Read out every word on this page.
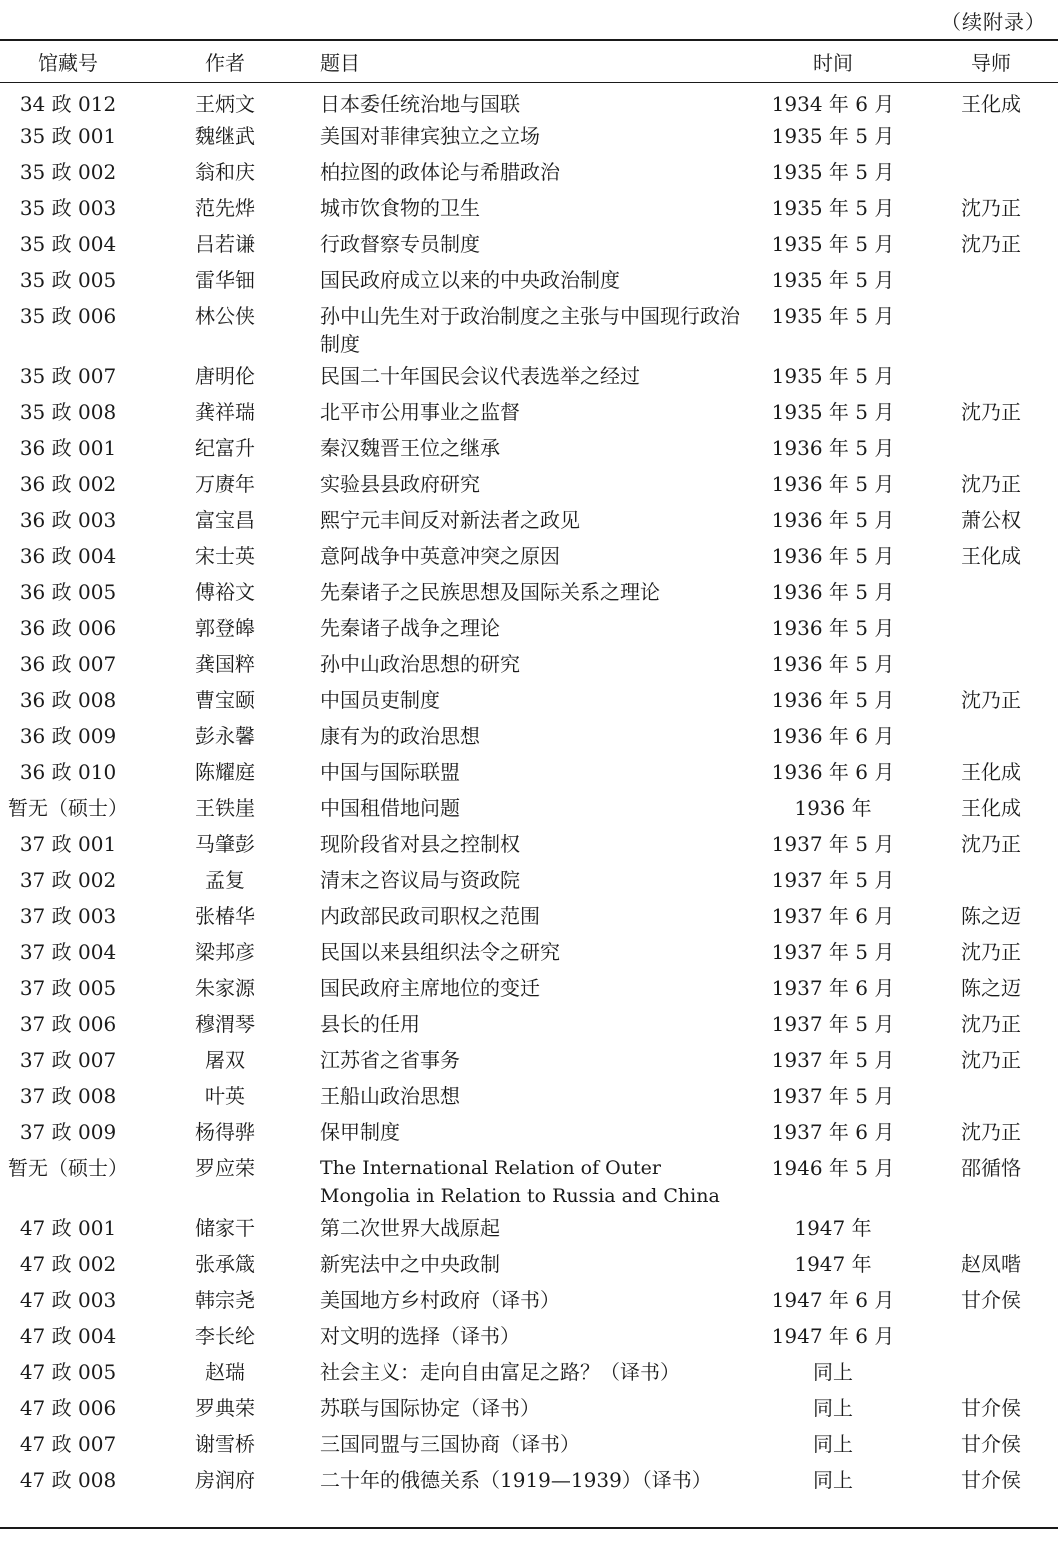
（续附录）
馆藏号	作者	题目	时间	导师
34 政 012	王炳文	日本委任统治地与国联	1934 年 6 月	王化成
35 政 001	魏继武	美国对菲律宾独立之立场	1935 年 5 月	
35 政 002	翁和庆	柏拉图的政体论与希腊政治	1935 年 5 月	
35 政 003	范先烨	城市饮食物的卫生	1935 年 5 月	沈乃正
35 政 004	吕若谦	行政督察专员制度	1935 年 5 月	沈乃正
35 政 005	雷华钿	国民政府成立以来的中央政治制度	1935 年 5 月	
35 政 006	林公侠	孙中山先生对于政治制度之主张与中国现行政治制度	1935 年 5 月	
35 政 007	唐明伦	民国二十年国民会议代表选举之经过	1935 年 5 月	
35 政 008	龚祥瑞	北平市公用事业之监督	1935 年 5 月	沈乃正
36 政 001	纪富升	秦汉魏晋王位之继承	1936 年 5 月	
36 政 002	万赓年	实验县县政府研究	1936 年 5 月	沈乃正
36 政 003	富宝昌	熙宁元丰间反对新法者之政见	1936 年 5 月	萧公权
36 政 004	宋士英	意阿战争中英意冲突之原因	1936 年 5 月	王化成
36 政 005	傅裕文	先秦诸子之民族思想及国际关系之理论	1936 年 5 月	
36 政 006	郭登皞	先秦诸子战争之理论	1936 年 5 月	
36 政 007	龚国粹	孙中山政治思想的研究	1936 年 5 月	
36 政 008	曹宝颐	中国员吏制度	1936 年 5 月	沈乃正
36 政 009	彭永馨	康有为的政治思想	1936 年 6 月	
36 政 010	陈耀庭	中国与国际联盟	1936 年 6 月	王化成
暂无（硕士）	王铁崖	中国租借地问题	1936 年	王化成
37 政 001	马肇彭	现阶段省对县之控制权	1937 年 5 月	沈乃正
37 政 002	孟复	清末之咨议局与资政院	1937 年 5 月	
37 政 003	张椿华	内政部民政司职权之范围	1937 年 6 月	陈之迈
37 政 004	梁邦彦	民国以来县组织法令之研究	1937 年 5 月	沈乃正
37 政 005	朱家源	国民政府主席地位的变迁	1937 年 6 月	陈之迈
37 政 006	穆渭琴	县长的任用	1937 年 5 月	沈乃正
37 政 007	屠双	江苏省之省事务	1937 年 5 月	沈乃正
37 政 008	叶英	王船山政治思想	1937 年 5 月	
37 政 009	杨得骅	保甲制度	1937 年 6 月	沈乃正
暂无（硕士）	罗应荣	The International Relation of Outer Mongolia in Relation to Russia and China	1946 年 5 月	邵循恪
47 政 001	储家干	第二次世界大战原起	1947 年	
47 政 002	张承箴	新宪法中之中央政制	1947 年	赵凤喈
47 政 003	韩宗尧	美国地方乡村政府（译书）	1947 年 6 月	甘介侯
47 政 004	李长纶	对文明的选择（译书）	1947 年 6 月	
47 政 005	赵瑞	社会主义：走向自由富足之路？（译书）	同上	
47 政 006	罗典荣	苏联与国际协定（译书）	同上	甘介侯
47 政 007	谢雪桥	三国同盟与三国协商（译书）	同上	甘介侯
47 政 008	房润府	二十年的俄德关系（1919—1939）（译书）	同上	甘介侯
